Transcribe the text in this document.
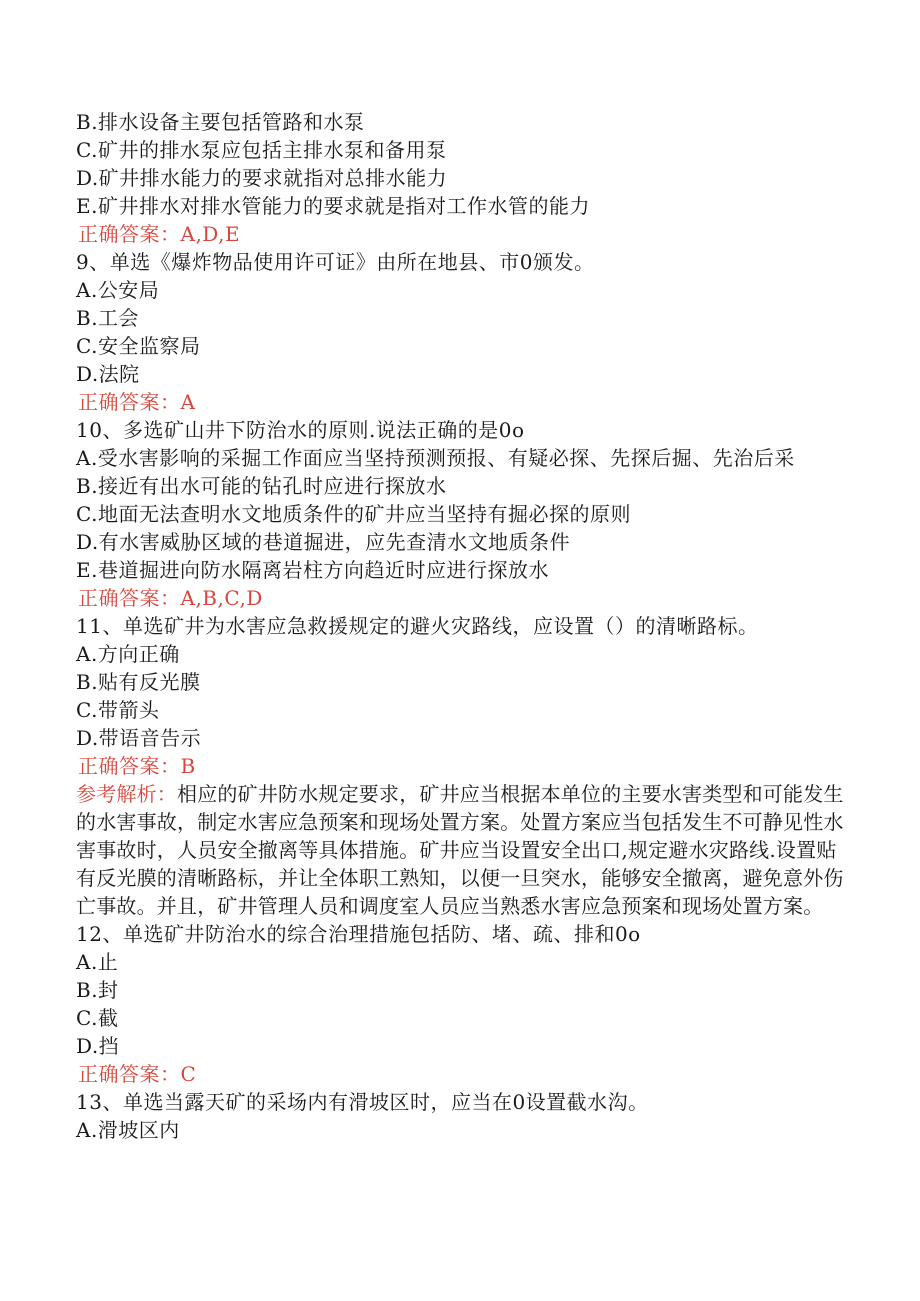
B.排水设备主要包括管路和水泵
C.矿井的排水泵应包括主排水泵和备用泵
D.矿井排水能力的要求就指对总排水能力
E.矿井排水对排水管能力的要求就是指对工作水管的能力
正确答案：A,D,E
9、单选《爆炸物品使用许可证》由所在地县、市0颁发。
A.公安局
B.工会
C.安全监察局
D.法院
正确答案：A
10、多选矿山井下防治水的原则.说法正确的是0o
A.受水害影响的采掘工作面应当坚持预测预报、有疑必探、先探后掘、先治后采
B.接近有出水可能的钻孔时应进行探放水
C.地面无法查明水文地质条件的矿井应当坚持有掘必探的原则
D.有水害威胁区域的巷道掘进，应先查清水文地质条件
E.巷道掘进向防水隔离岩柱方向趋近时应进行探放水
正确答案：A,B,C,D
11、单选矿井为水害应急救援规定的避火灾路线，应设置（）的清晰路标。
A.方向正确
B.贴有反光膜
C.带箭头
D.带语音告示
正确答案：B
参考解析：相应的矿井防水规定要求，矿井应当根据本单位的主要水害类型和可能发生的水害事故，制定水害应急预案和现场处置方案。处置方案应当包括发生不可静见性水害事故时，人员安全撤离等具体措施。矿井应当设置安全出口,规定避水灾路线.设置贴有反光膜的清晰路标，并让全体职工熟知，以便一旦突水，能够安全撤离，避免意外伤亡事故。并且，矿井管理人员和调度室人员应当熟悉水害应急预案和现场处置方案。
12、单选矿井防治水的综合治理措施包括防、堵、疏、排和0o
A.止
B.封
C.截
D.挡
正确答案：C
13、单选当露天矿的采场内有滑坡区时，应当在0设置截水沟。
A.滑坡区内
